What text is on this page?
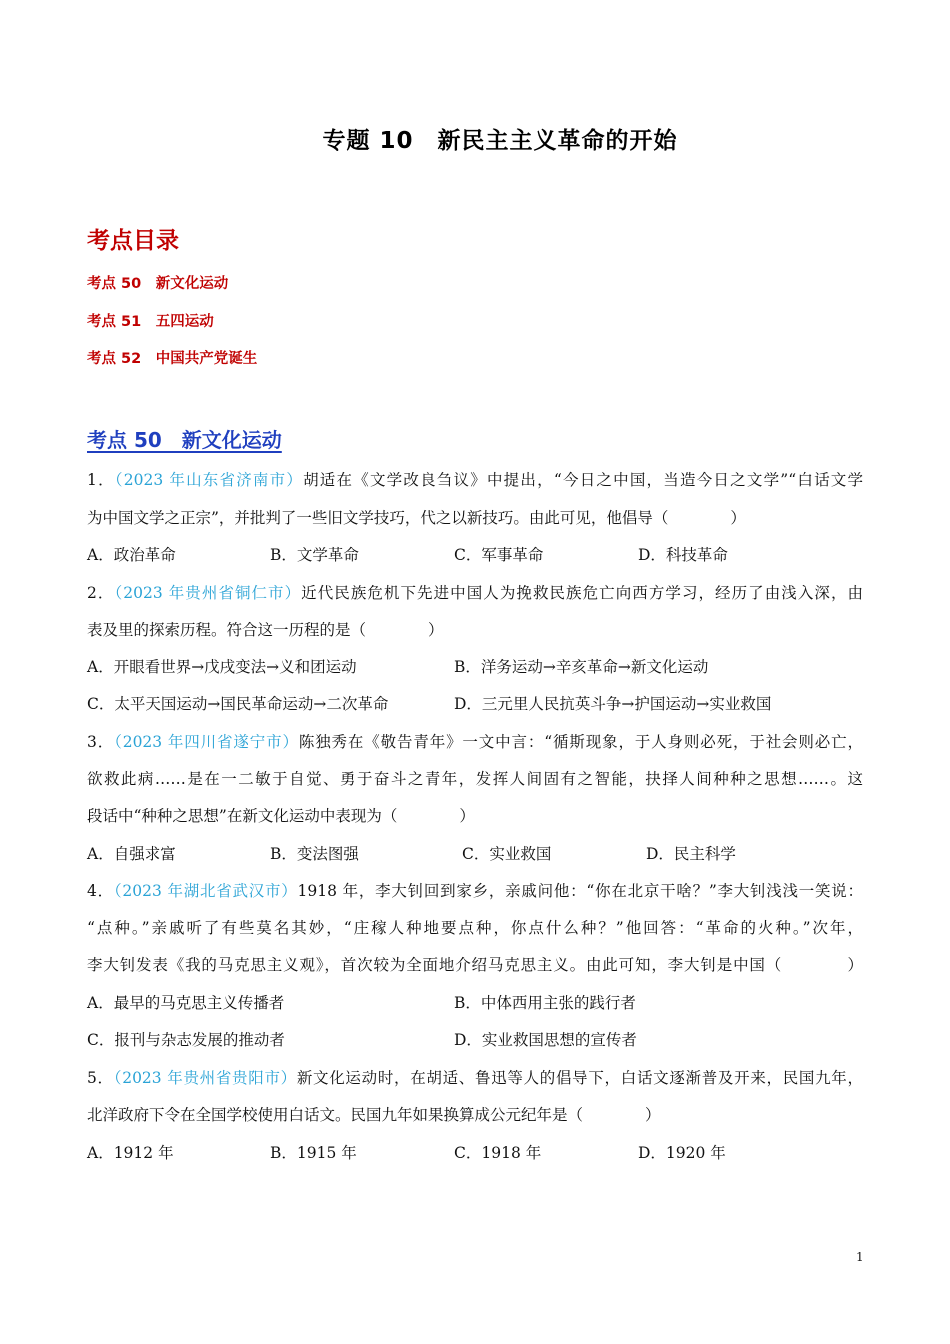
专题 10　新民主主义革命的开始
考点目录
考点 50　新文化运动
考点 51　五四运动
考点 52　中国共产党诞生
考点 50　新文化运动
1．（2023 年山东省济南市）胡适在《文学改良刍议》中提出，“今日之中国，当造今日之文学”“白话文学
为中国文学之正宗”，并批判了一些旧文学技巧，代之以新技巧。由此可见，他倡导（　　　　）
A．政治革命	B．文学革命	C．军事革命	D．科技革命
2．（2023 年贵州省铜仁市）近代民族危机下先进中国人为挽救民族危亡向西方学习，经历了由浅入深，由
表及里的探索历程。符合这一历程的是（　　　　）
A．开眼看世界→戊戌变法→义和团运动	B．洋务运动→辛亥革命→新文化运动
C．太平天国运动→国民革命运动→二次革命	D．三元里人民抗英斗争→护国运动→实业救国
3．（2023 年四川省遂宁市）陈独秀在《敬告青年》一文中言：“循斯现象，于人身则必死，于社会则必亡，
欲救此病……是在一二敏于自觉、勇于奋斗之青年，发挥人间固有之智能，抉择人间种种之思想……。这
段话中“种种之思想”在新文化运动中表现为（　　　　）
A．自强求富	B．变法图强	C．实业救国	D．民主科学
4．（2023 年湖北省武汉市）1918 年，李大钊回到家乡，亲戚问他：“你在北京干啥？”李大钊浅浅一笑说：
“点种。”亲戚听了有些莫名其妙，“庄稼人种地要点种，你点什么种？”他回答：“革命的火种。”次年，
李大钊发表《我的马克思主义观》，首次较为全面地介绍马克思主义。由此可知，李大钊是中国（　　　　）
A．最早的马克思主义传播者	B．中体西用主张的践行者
C．报刊与杂志发展的推动者	D．实业救国思想的宣传者
5．（2023 年贵州省贵阳市）新文化运动时，在胡适、鲁迅等人的倡导下，白话文逐渐普及开来，民国九年，
北洋政府下令在全国学校使用白话文。民国九年如果换算成公元纪年是（　　　　）
A．1912 年	B．1915 年	C．1918 年	D．1920 年
1
